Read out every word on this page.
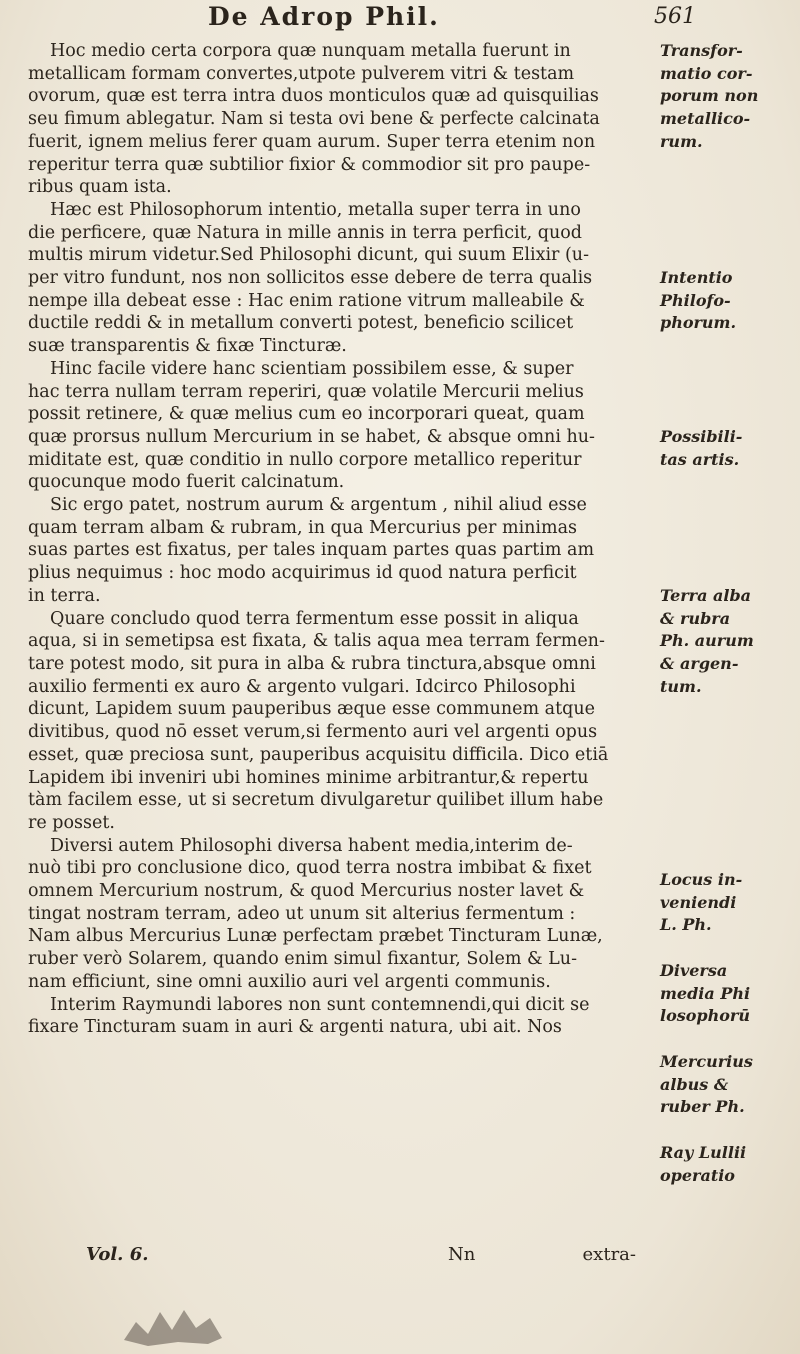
De Adrop Phil.	561

Hoc medio certa corpora quæ nunquam metalla fuerunt in
metallicam formam convertes,utpote pulverem vitri & testam
ovorum, quæ est terra intra duos monticulos quæ ad quisquilias
seu fimum ablegatur. Nam si testa ovi bene & perfecte calcinata
fuerit, ignem melius ferer quam aurum. Super terra etenim non
reperitur terra quæ subtilior fixior & commodior sit pro paupe-
ribus quam ista.

Hæc est Philosophorum intentio, metalla super terra in uno
die perficere, quæ Natura in mille annis in terra perficit, quod
multis mirum videtur.Sed Philosophi dicunt, qui suum Elixir (u-
per vitro fundunt, nos non sollicitos esse debere de terra qualis
nempe illa debeat esse : Hac enim ratione vitrum malleabile &
ductile reddi & in metallum converti potest, beneficio scilicet
suæ transparentis & fixæ Tincturæ.

Hinc facile videre hanc scientiam possibilem esse, & super
hac terra nullam terram reperiri, quæ volatile Mercurii melius
possit retinere, & quæ melius cum eo incorporari queat, quam
quæ prorsus nullum Mercurium in se habet, & absque omni hu-
miditate est, quæ conditio in nullo corpore metallico reperitur
quocunque modo fuerit calcinatum.

Sic ergo patet, nostrum aurum & argentum , nihil aliud esse
quam terram albam & rubram, in qua Mercurius per minimas
suas partes est fixatus, per tales inquam partes quas partim am
plius nequimus : hoc modo acquirimus id quod natura perficit
in terra.

Quare concludo quod terra fermentum esse possit in aliqua
aqua, si in semetipsa est fixata, & talis aqua mea terram fermen-
tare potest modo, sit pura in alba & rubra tinctura,absque omni
auxilio fermenti ex auro & argento vulgari. Idcirco Philosophi
dicunt, Lapidem suum pauperibus æque esse communem atque
divitibus, quod nō esset verum,si fermento auri vel argenti opus
esset, quæ preciosa sunt, pauperibus acquisitu difficila. Dico etiā
Lapidem ibi inveniri ubi homines minime arbitrantur,& repertu
tàm facilem esse, ut si secretum divulgaretur quilibet illum habe
re posset.

Diversi autem Philosophi diversa habent media,interim de-
nuò tibi pro conclusione dico, quod terra nostra imbibat & fixet
omnem Mercurium nostrum, & quod Mercurius noster lavet &
tingat nostram terram, adeo ut unum sit alterius fermentum :
Nam albus Mercurius Lunæ perfectam præbet Tincturam Lunæ,
ruber verò Solarem, quando enim simul fixantur, Solem & Lu-
nam efficiunt, sine omni auxilio auri vel argenti communis.

Interim Raymundi labores non sunt contemnendi,qui dicit se
fixare Tincturam suam in auri & argenti natura, ubi ait. Nos

Transfor-
matio cor-
porum non
metallico-
rum.
Intentio
Philofo-
phorum.
Possibili-
tas artis.
Terra alba
& rubra
Ph. aurum
& argen-
tum.
Locus in-
veniendi
L. Ph.
Diversa
media Phi
losophorū
Mercurius
albus &
ruber Ph.
Ray Lullii
operatio
Vol. 6.	Nn	extra-
